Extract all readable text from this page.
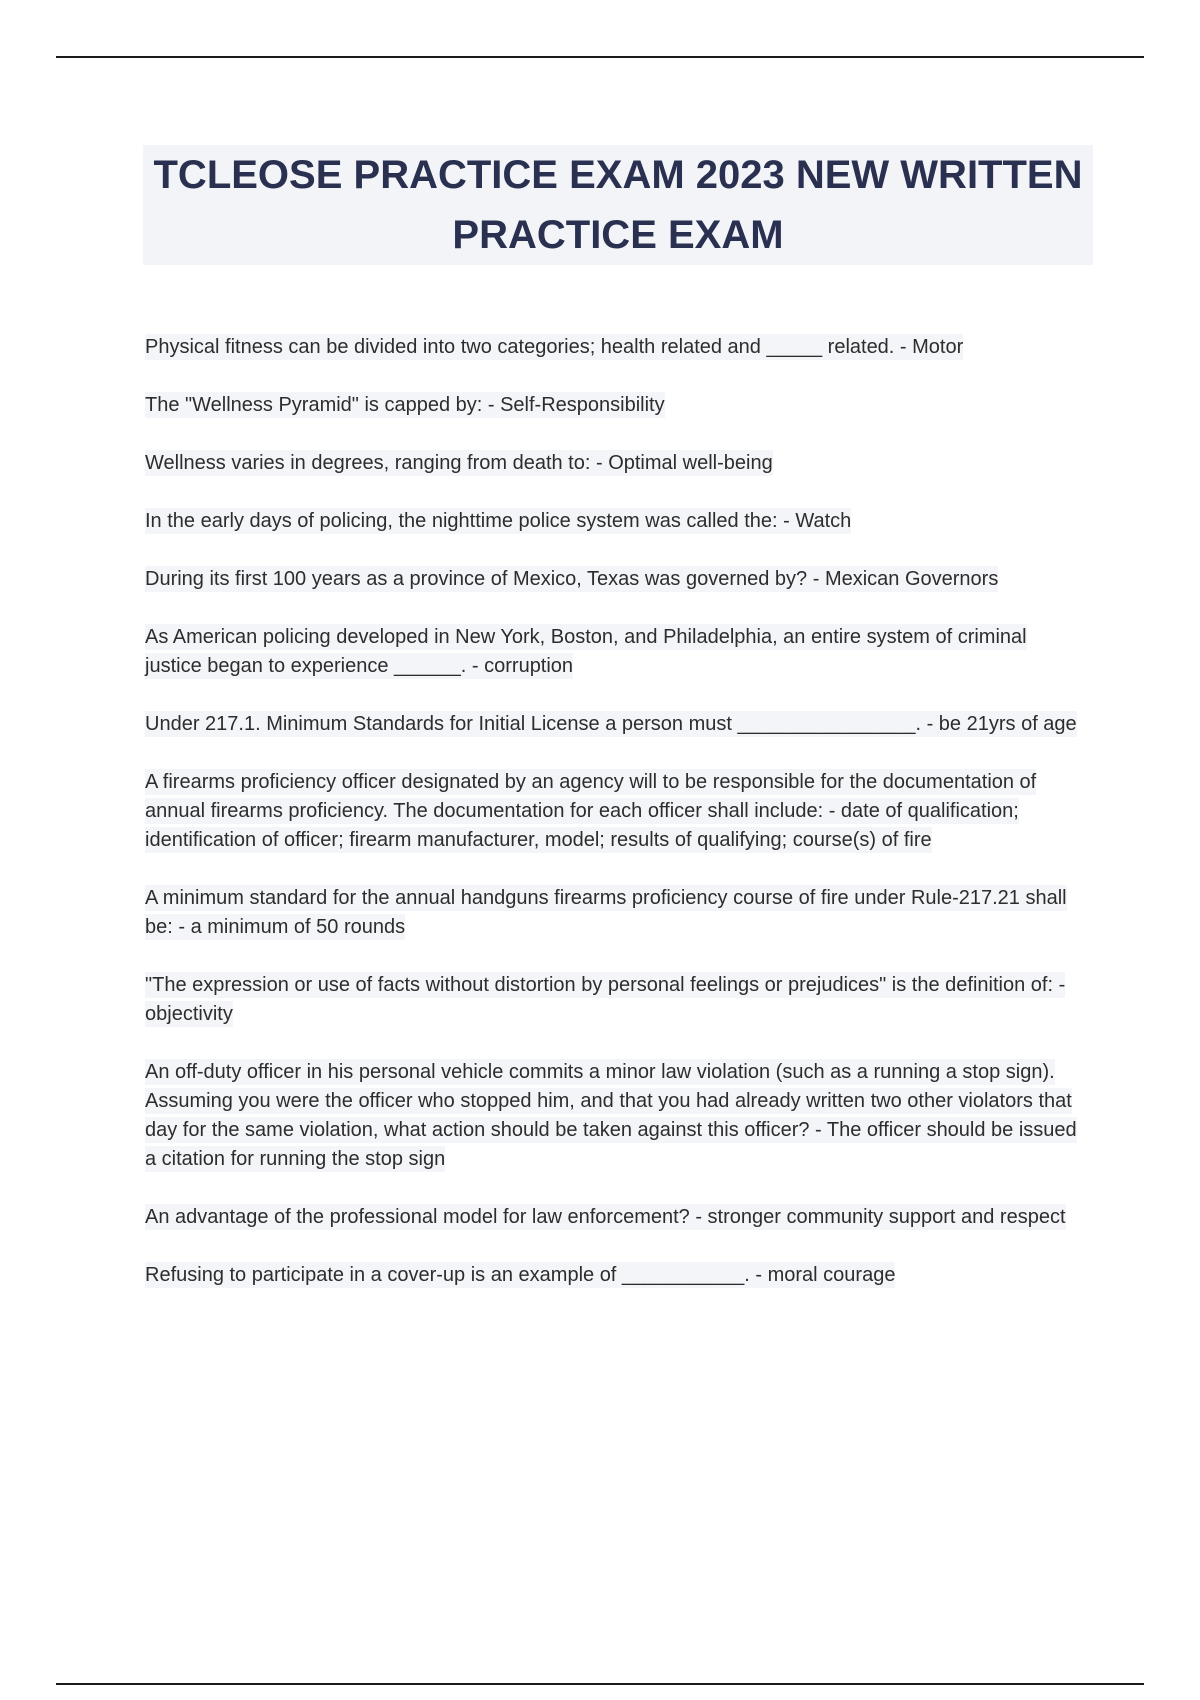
TCLEOSE PRACTICE EXAM 2023 NEW WRITTEN PRACTICE EXAM

Physical fitness can be divided into two categories; health related and _____ related. - Motor

The "Wellness Pyramid" is capped by: - Self-Responsibility

Wellness varies in degrees, ranging from death to: - Optimal well-being

In the early days of policing, the nighttime police system was called the: - Watch

During its first 100 years as a province of Mexico, Texas was governed by? - Mexican Governors

As American policing developed in New York, Boston, and Philadelphia, an entire system of criminal justice began to experience ______. - corruption

Under 217.1. Minimum Standards for Initial License a person must ________________. - be 21yrs of age

A firearms proficiency officer designated by an agency will to be responsible for the documentation of annual firearms proficiency. The documentation for each officer shall include: - date of qualification; identification of officer; firearm manufacturer, model; results of qualifying; course(s) of fire

A minimum standard for the annual handguns firearms proficiency course of fire under Rule-217.21 shall be: - a minimum of 50 rounds

"The expression or use of facts without distortion by personal feelings or prejudices" is the definition of: - objectivity

An off-duty officer in his personal vehicle commits a minor law violation (such as a running a stop sign). Assuming you were the officer who stopped him, and that you had already written two other violators that day for the same violation, what action should be taken against this officer? - The officer should be issued a citation for running the stop sign

An advantage of the professional model for law enforcement? - stronger community support and respect

Refusing to participate in a cover-up is an example of ___________. - moral courage
